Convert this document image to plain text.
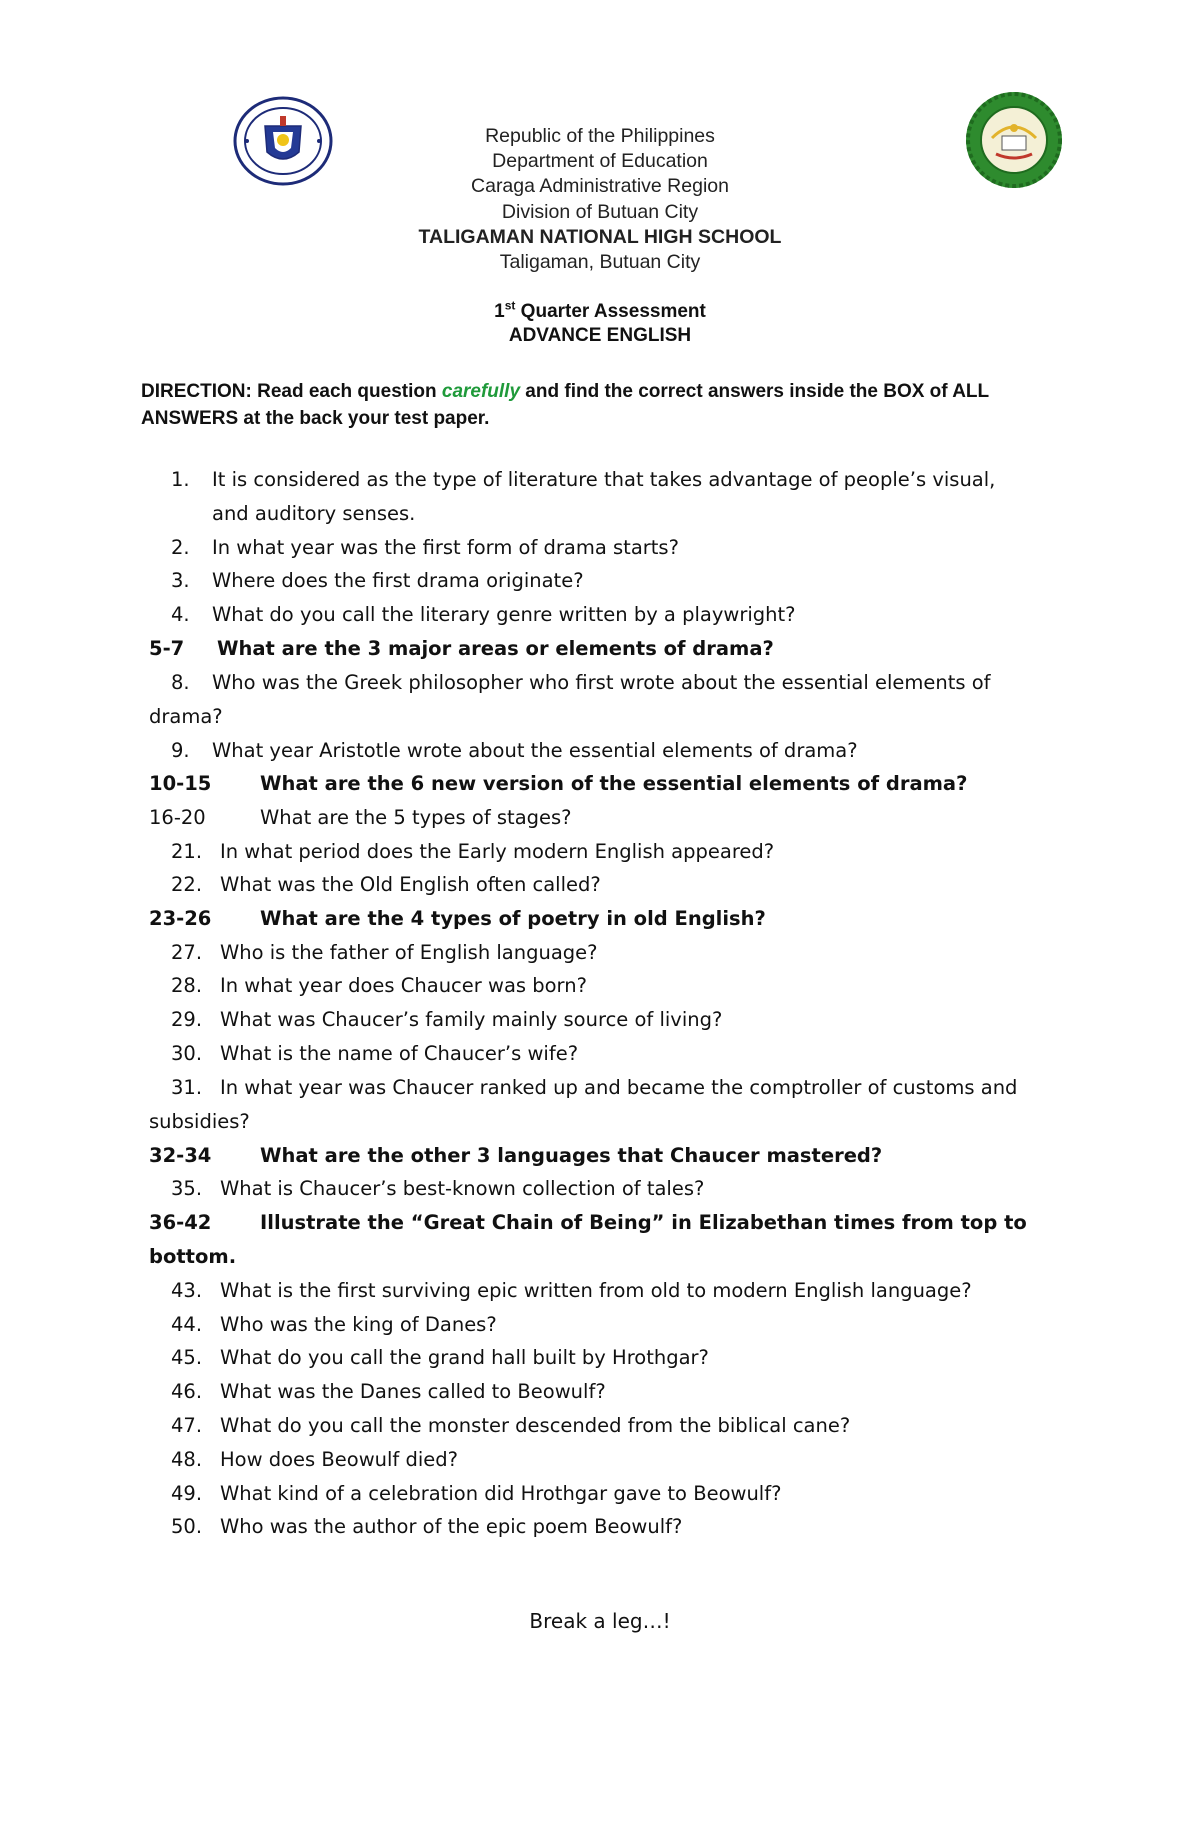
Republic of the Philippines
Department of Education
Caraga Administrative Region
Division of Butuan City
TALIGAMAN NATIONAL HIGH SCHOOL
Taligaman, Butuan City
1st Quarter Assessment
ADVANCE ENGLISH
DIRECTION: Read each question carefully and find the correct answers inside the BOX of ALL ANSWERS at the back your test paper.
1. It is considered as the type of literature that takes advantage of people’s visual,
and auditory senses.
2. In what year was the first form of drama starts?
3. Where does the first drama originate?
4. What do you call the literary genre written by a playwright?
5-7 What are the 3 major areas or elements of drama?
8. Who was the Greek philosopher who first wrote about the essential elements of
drama?
9. What year Aristotle wrote about the essential elements of drama?
10-15 What are the 6 new version of the essential elements of drama?
16-20	What are the 5 types of stages?
21. In what period does the Early modern English appeared?
22. What was the Old English often called?
23-26 What are the 4 types of poetry in old English?
27. Who is the father of English language?
28. In what year does Chaucer was born?
29. What was Chaucer’s family mainly source of living?
30. What is the name of Chaucer’s wife?
31. In what year was Chaucer ranked up and became the comptroller of customs and
subsidies?
32-34 What are the other 3 languages that Chaucer mastered?
35. What is Chaucer’s best-known collection of tales?
36-42 Illustrate the “Great Chain of Being” in Elizabethan times from top to
bottom.
43. What is the first surviving epic written from old to modern English language?
44. Who was the king of Danes?
45. What do you call the grand hall built by Hrothgar?
46. What was the Danes called to Beowulf?
47. What do you call the monster descended from the biblical cane?
48. How does Beowulf died?
49. What kind of a celebration did Hrothgar gave to Beowulf?
50. Who was the author of the epic poem Beowulf?
Break a leg…!
